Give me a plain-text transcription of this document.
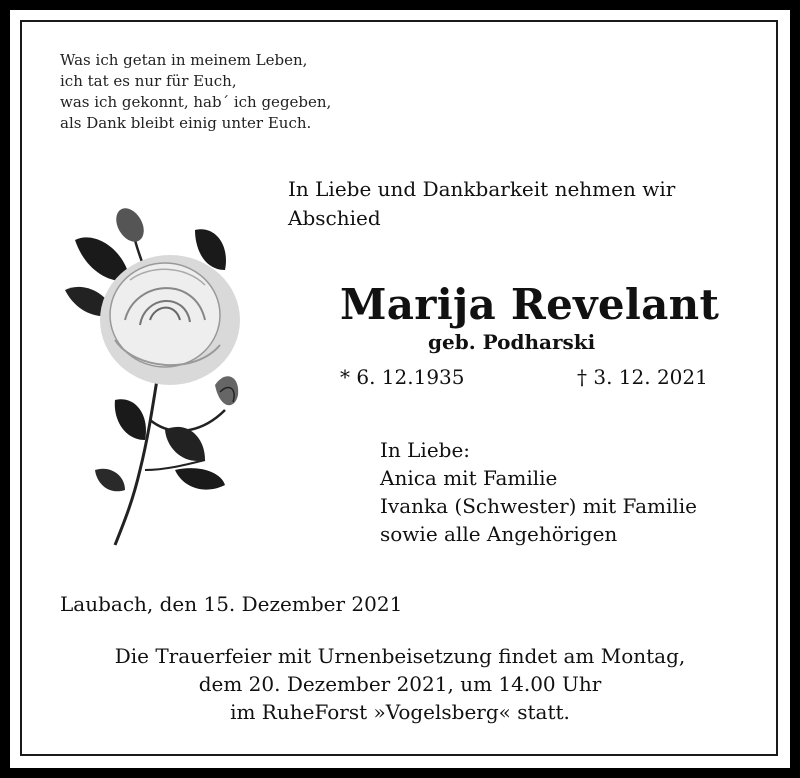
Was ich getan in meinem Leben,
ich tat es nur für Euch,
was ich gekonnt, hab´ ich gegeben,
als Dank bleibt einig unter Euch.
In Liebe und Dankbarkeit nehmen wir
Abschied
Marija Revelant
geb. Podharski
* 6. 12.1935	† 3. 12. 2021
In Liebe:
Anica mit Familie
Ivanka (Schwester) mit Familie
sowie alle Angehörigen
Laubach, den 15. Dezember 2021
Die Trauerfeier mit Urnenbeisetzung findet am Montag,
dem 20. Dezember 2021, um 14.00 Uhr
im RuheForst »Vogelsberg« statt.
